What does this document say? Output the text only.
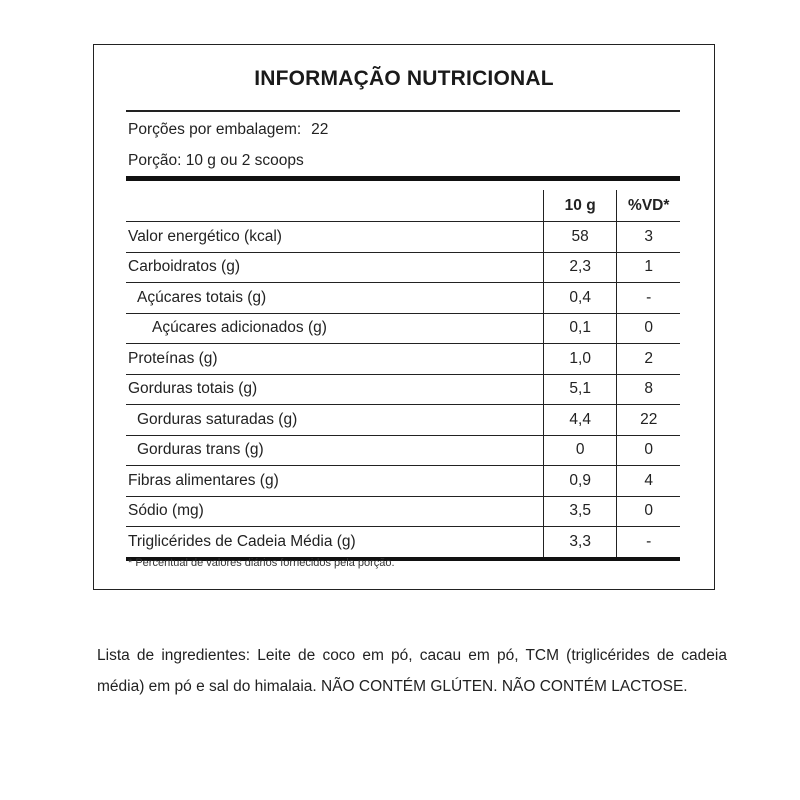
INFORMAÇÃO NUTRICIONAL
Porções por embalagem: 22
Porção: 10 g ou 2 scoops
	10 g	%VD*
Valor energético (kcal)	58	3
Carboidratos (g)	2,3	1
Açúcares totais (g)	0,4	-
Açúcares adicionados (g)	0,1	0
Proteínas (g)	1,0	2
Gorduras totais (g)	5,1	8
Gorduras saturadas (g)	4,4	22
Gorduras trans (g)	0	0
Fibras alimentares (g)	0,9	4
Sódio (mg)	3,5	0
Triglicérides de Cadeia Média (g)	3,3	-
* Percentual de valores diários fornecidos pela porção.
Lista de ingredientes: Leite de coco em pó, cacau em pó, TCM (triglicérides de cadeia média) em pó e sal do himalaia. NÃO CONTÉM GLÚTEN. NÃO CONTÉM LACTOSE.
